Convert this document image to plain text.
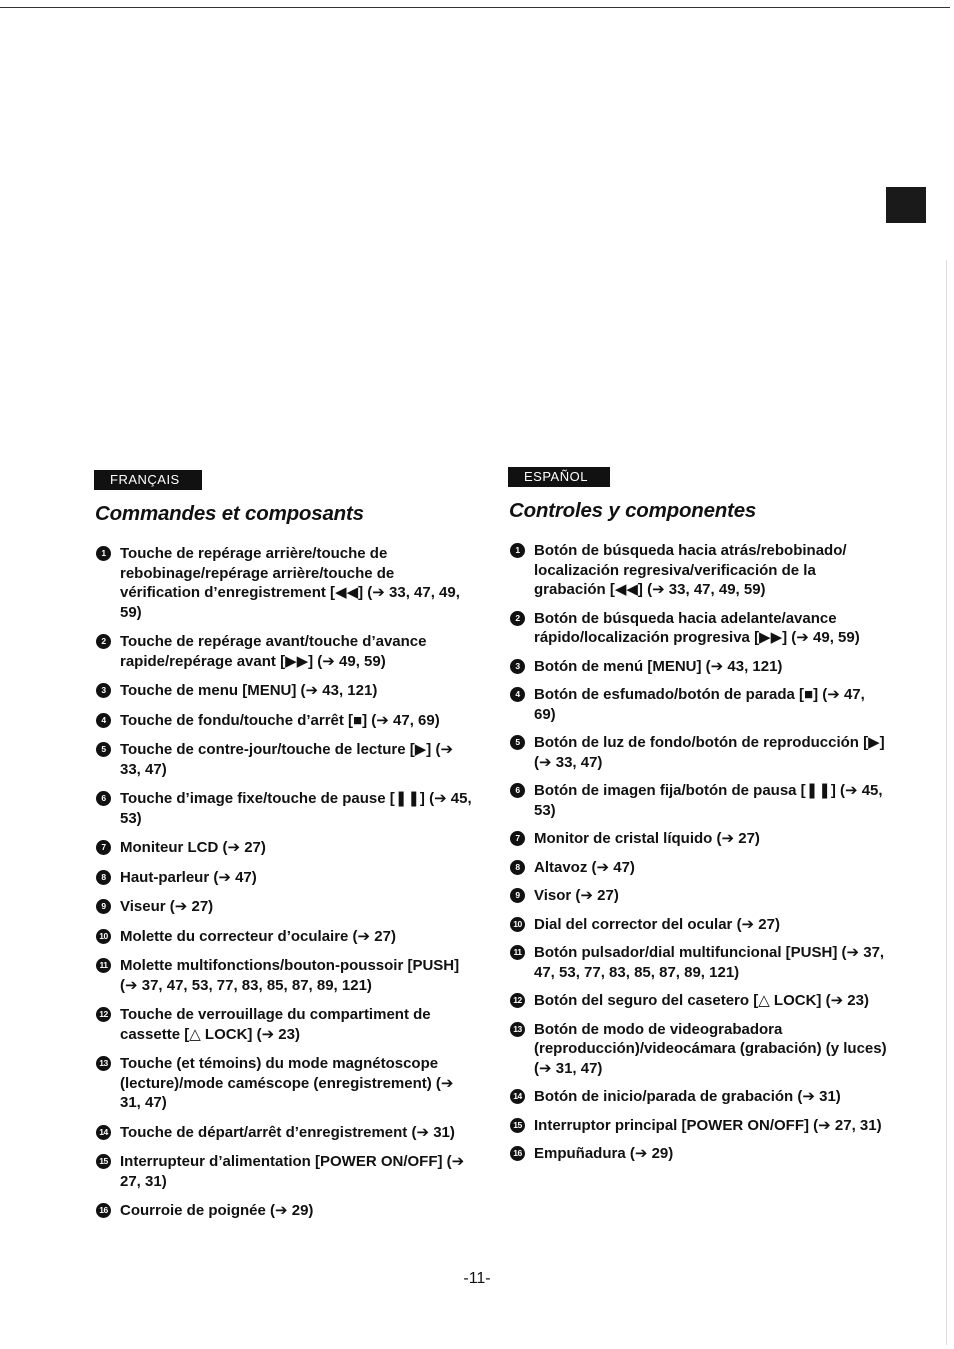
FRANÇAIS
Commandes et composants
1 Touche de repérage arrière/touche de rebobinage/repérage arrière/touche de vérification d’enregistrement [◀◀] (➔ 33, 47, 49, 59)
2 Touche de repérage avant/touche d’avance rapide/repérage avant [▶▶] (➔ 49, 59)
3 Touche de menu [MENU] (➔ 43, 121)
4 Touche de fondu/touche d’arrêt [■] (➔ 47, 69)
5 Touche de contre-jour/touche de lecture [▶] (➔ 33, 47)
6 Touche d’image fixe/touche de pause [❚❚] (➔ 45, 53)
7 Moniteur LCD (➔ 27)
8 Haut-parleur (➔ 47)
9 Viseur (➔ 27)
10 Molette du correcteur d’oculaire (➔ 27)
11 Molette multifonctions/bouton-poussoir [PUSH] (➔ 37, 47, 53, 77, 83, 85, 87, 89, 121)
12 Touche de verrouillage du compartiment de cassette [△ LOCK] (➔ 23)
13 Touche (et témoins) du mode magnétoscope (lecture)/mode caméscope (enregistrement) (➔ 31, 47)
14 Touche de départ/arrêt d’enregistrement (➔ 31)
15 Interrupteur d’alimentation [POWER ON/OFF] (➔ 27, 31)
16 Courroie de poignée (➔ 29)
ESPAÑOL
Controles y componentes
1 Botón de búsqueda hacia atrás/rebobinado/ localización regresiva/verificación de la grabación [◀◀] (➔ 33, 47, 49, 59)
2 Botón de búsqueda hacia adelante/avance rápido/localización progresiva [▶▶] (➔ 49, 59)
3 Botón de menú [MENU] (➔ 43, 121)
4 Botón de esfumado/botón de parada [■] (➔ 47, 69)
5 Botón de luz de fondo/botón de reproducción [▶] (➔ 33, 47)
6 Botón de imagen fija/botón de pausa [❚❚] (➔ 45, 53)
7 Monitor de cristal líquido (➔ 27)
8 Altavoz (➔ 47)
9 Visor (➔ 27)
10 Dial del corrector del ocular (➔ 27)
11 Botón pulsador/dial multifuncional [PUSH] (➔ 37, 47, 53, 77, 83, 85, 87, 89, 121)
12 Botón del seguro del casetero [△ LOCK] (➔ 23)
13 Botón de modo de videograbadora (reproducción)/videocámara (grabación) (y luces) (➔ 31, 47)
14 Botón de inicio/parada de grabación (➔ 31)
15 Interruptor principal [POWER ON/OFF] (➔ 27, 31)
16 Empuñadura (➔ 29)
-11-
